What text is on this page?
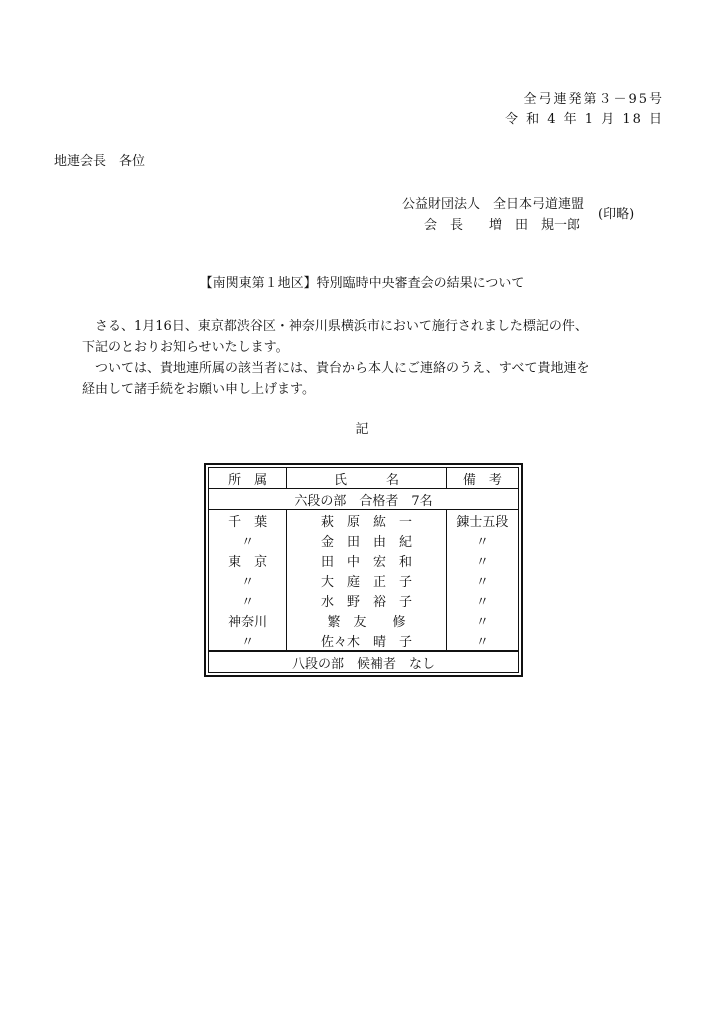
全弓連発第３－95号
令 和 4 年 1 月 18 日
地連会長　各位
公益財団法人　全日本弓道連盟
会　長　　増　田　規一郎
(印略)
【南関東第１地区】特別臨時中央審査会の結果について
　さる、1月16日、東京都渋谷区・神奈川県横浜市において施行されました標記の件、
下記のとおりお知らせいたします。
　ついては、貴地連所属の該当者には、貴台から本人にご連絡のうえ、すべて貴地連を
経由して諸手続をお願い申し上げます。
記
所　属	氏　　　名	備　考
六段の部　合格者　7名		
千　葉	萩　原　紘　一	錬士五段
〃	金　田　由　紀	〃
東　京	田　中　宏　和	〃
〃	大　庭　正　子	〃
〃	水　野　裕　子	〃
神奈川	繁　友　　修	〃
〃	佐々木　晴　子	〃
八段の部　候補者　なし		
